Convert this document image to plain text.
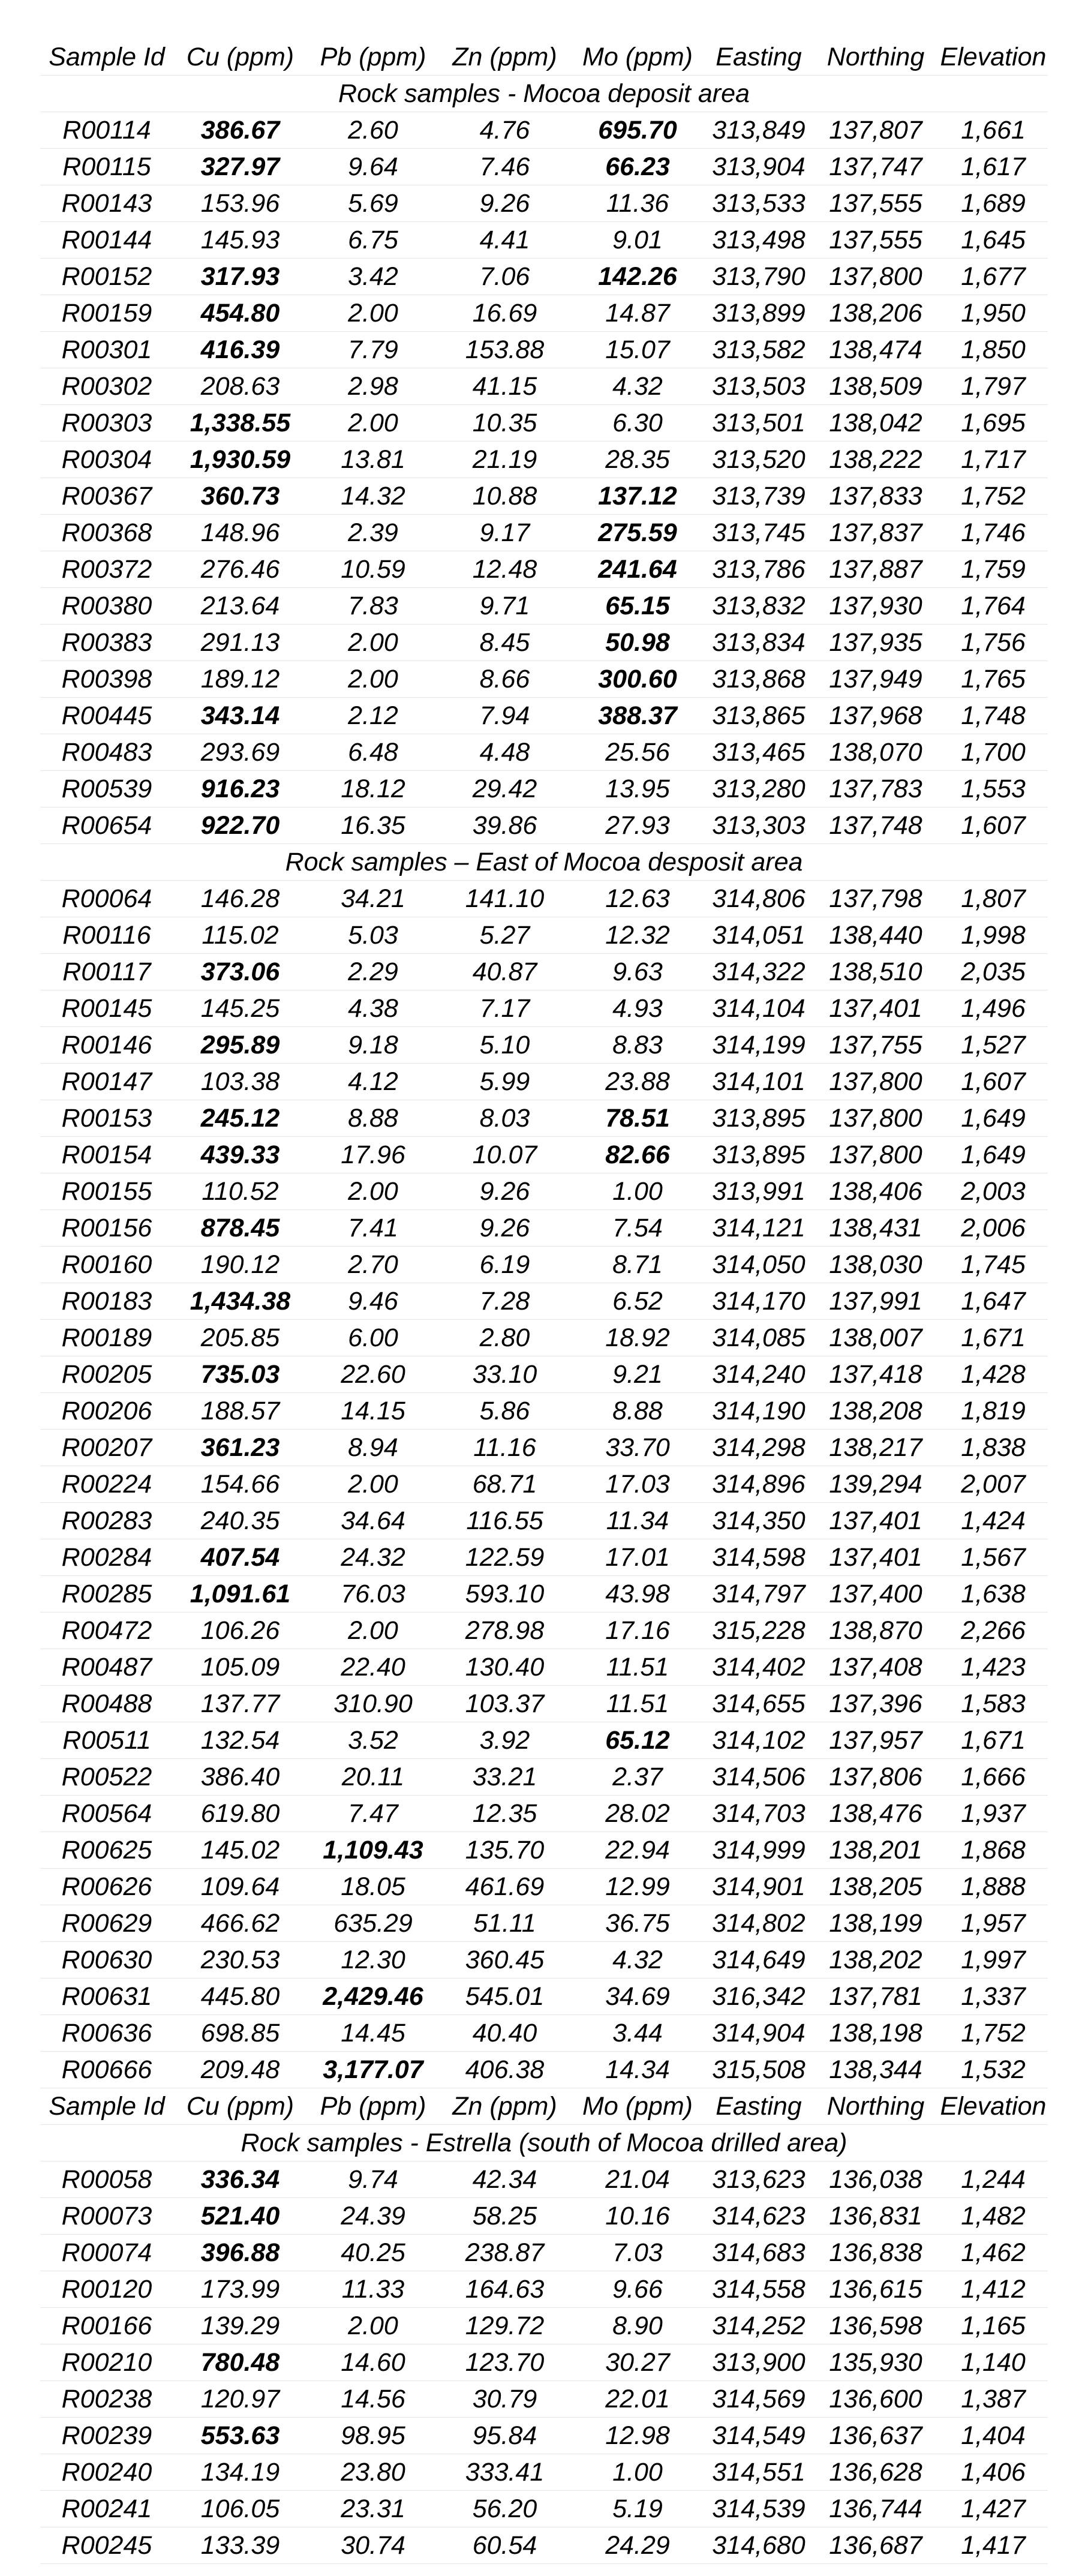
Sample Id	Cu (ppm)	Pb (ppm)	Zn (ppm)	Mo (ppm)	Easting	Northing	Elevation
Rock samples - Mocoa deposit area							
R00114	386.67	2.60	4.76	695.70	313,849	137,807	1,661
R00115	327.97	9.64	7.46	66.23	313,904	137,747	1,617
R00143	153.96	5.69	9.26	11.36	313,533	137,555	1,689
R00144	145.93	6.75	4.41	9.01	313,498	137,555	1,645
R00152	317.93	3.42	7.06	142.26	313,790	137,800	1,677
R00159	454.80	2.00	16.69	14.87	313,899	138,206	1,950
R00301	416.39	7.79	153.88	15.07	313,582	138,474	1,850
R00302	208.63	2.98	41.15	4.32	313,503	138,509	1,797
R00303	1,338.55	2.00	10.35	6.30	313,501	138,042	1,695
R00304	1,930.59	13.81	21.19	28.35	313,520	138,222	1,717
R00367	360.73	14.32	10.88	137.12	313,739	137,833	1,752
R00368	148.96	2.39	9.17	275.59	313,745	137,837	1,746
R00372	276.46	10.59	12.48	241.64	313,786	137,887	1,759
R00380	213.64	7.83	9.71	65.15	313,832	137,930	1,764
R00383	291.13	2.00	8.45	50.98	313,834	137,935	1,756
R00398	189.12	2.00	8.66	300.60	313,868	137,949	1,765
R00445	343.14	2.12	7.94	388.37	313,865	137,968	1,748
R00483	293.69	6.48	4.48	25.56	313,465	138,070	1,700
R00539	916.23	18.12	29.42	13.95	313,280	137,783	1,553
R00654	922.70	16.35	39.86	27.93	313,303	137,748	1,607
Rock samples – East of Mocoa desposit area							
R00064	146.28	34.21	141.10	12.63	314,806	137,798	1,807
R00116	115.02	5.03	5.27	12.32	314,051	138,440	1,998
R00117	373.06	2.29	40.87	9.63	314,322	138,510	2,035
R00145	145.25	4.38	7.17	4.93	314,104	137,401	1,496
R00146	295.89	9.18	5.10	8.83	314,199	137,755	1,527
R00147	103.38	4.12	5.99	23.88	314,101	137,800	1,607
R00153	245.12	8.88	8.03	78.51	313,895	137,800	1,649
R00154	439.33	17.96	10.07	82.66	313,895	137,800	1,649
R00155	110.52	2.00	9.26	1.00	313,991	138,406	2,003
R00156	878.45	7.41	9.26	7.54	314,121	138,431	2,006
R00160	190.12	2.70	6.19	8.71	314,050	138,030	1,745
R00183	1,434.38	9.46	7.28	6.52	314,170	137,991	1,647
R00189	205.85	6.00	2.80	18.92	314,085	138,007	1,671
R00205	735.03	22.60	33.10	9.21	314,240	137,418	1,428
R00206	188.57	14.15	5.86	8.88	314,190	138,208	1,819
R00207	361.23	8.94	11.16	33.70	314,298	138,217	1,838
R00224	154.66	2.00	68.71	17.03	314,896	139,294	2,007
R00283	240.35	34.64	116.55	11.34	314,350	137,401	1,424
R00284	407.54	24.32	122.59	17.01	314,598	137,401	1,567
R00285	1,091.61	76.03	593.10	43.98	314,797	137,400	1,638
R00472	106.26	2.00	278.98	17.16	315,228	138,870	2,266
R00487	105.09	22.40	130.40	11.51	314,402	137,408	1,423
R00488	137.77	310.90	103.37	11.51	314,655	137,396	1,583
R00511	132.54	3.52	3.92	65.12	314,102	137,957	1,671
R00522	386.40	20.11	33.21	2.37	314,506	137,806	1,666
R00564	619.80	7.47	12.35	28.02	314,703	138,476	1,937
R00625	145.02	1,109.43	135.70	22.94	314,999	138,201	1,868
R00626	109.64	18.05	461.69	12.99	314,901	138,205	1,888
R00629	466.62	635.29	51.11	36.75	314,802	138,199	1,957
R00630	230.53	12.30	360.45	4.32	314,649	138,202	1,997
R00631	445.80	2,429.46	545.01	34.69	316,342	137,781	1,337
R00636	698.85	14.45	40.40	3.44	314,904	138,198	1,752
R00666	209.48	3,177.07	406.38	14.34	315,508	138,344	1,532
Sample Id	Cu (ppm)	Pb (ppm)	Zn (ppm)	Mo (ppm)	Easting	Northing	Elevation
Rock samples - Estrella (south of Mocoa drilled area)							
R00058	336.34	9.74	42.34	21.04	313,623	136,038	1,244
R00073	521.40	24.39	58.25	10.16	314,623	136,831	1,482
R00074	396.88	40.25	238.87	7.03	314,683	136,838	1,462
R00120	173.99	11.33	164.63	9.66	314,558	136,615	1,412
R00166	139.29	2.00	129.72	8.90	314,252	136,598	1,165
R00210	780.48	14.60	123.70	30.27	313,900	135,930	1,140
R00238	120.97	14.56	30.79	22.01	314,569	136,600	1,387
R00239	553.63	98.95	95.84	12.98	314,549	136,637	1,404
R00240	134.19	23.80	333.41	1.00	314,551	136,628	1,406
R00241	106.05	23.31	56.20	5.19	314,539	136,744	1,427
R00245	133.39	30.74	60.54	24.29	314,680	136,687	1,417
